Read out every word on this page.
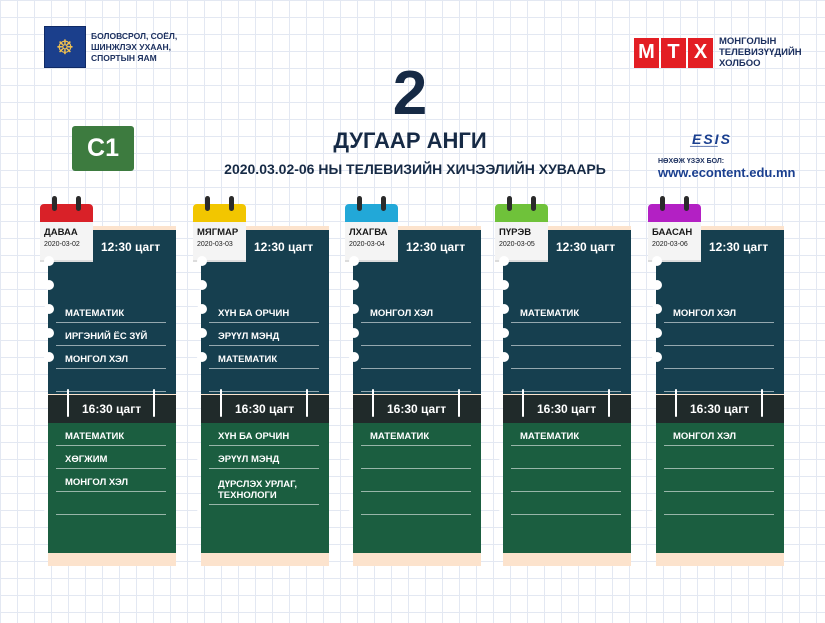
☸
БОЛОВСРОЛ, СОЁЛ, ШИНЖЛЭХ УХААН, СПОРТЫН ЯАМ	М Т Х	МОНГОЛЫН ТЕЛЕВИЗҮҮДИЙН ХОЛБОО
2
ДУГААР АНГИ
2020.03.02-06 НЫ ТЕЛЕВИЗИЙН ХИЧЭЭЛИЙН ХУВААРЬ
С1	ESIS
▔▔▔▔▔▔▔▔
НӨХӨЖ ҮЗЭХ БОЛ:
www.econtent.edu.mn
МАТЕМАТИК
ИРГЭНИЙ ЁС ЗҮЙ
МОНГОЛ ХЭЛ
ДАВАА
2020-03-02	12:30 цагт
16:30 цагт
МАТЕМАТИК
ХӨГЖИМ
МОНГОЛ ХЭЛ
ХҮН БА ОРЧИН
ЭРҮҮЛ МЭНД
МАТЕМАТИК
МЯГМАР
2020-03-03	12:30 цагт
16:30 цагт
ХҮН БА ОРЧИН
ЭРҮҮЛ МЭНД
ДҮРСЛЭХ УРЛАГ, ТЕХНОЛОГИ
МОНГОЛ ХЭЛ
ЛХАГВА
2020-03-04	12:30 цагт
16:30 цагт
МАТЕМАТИК
МАТЕМАТИК
ПҮРЭВ
2020-03-05	12:30 цагт
16:30 цагт
МАТЕМАТИК
МОНГОЛ ХЭЛ
БААСАН
2020-03-06	12:30 цагт
16:30 цагт
МОНГОЛ ХЭЛ
